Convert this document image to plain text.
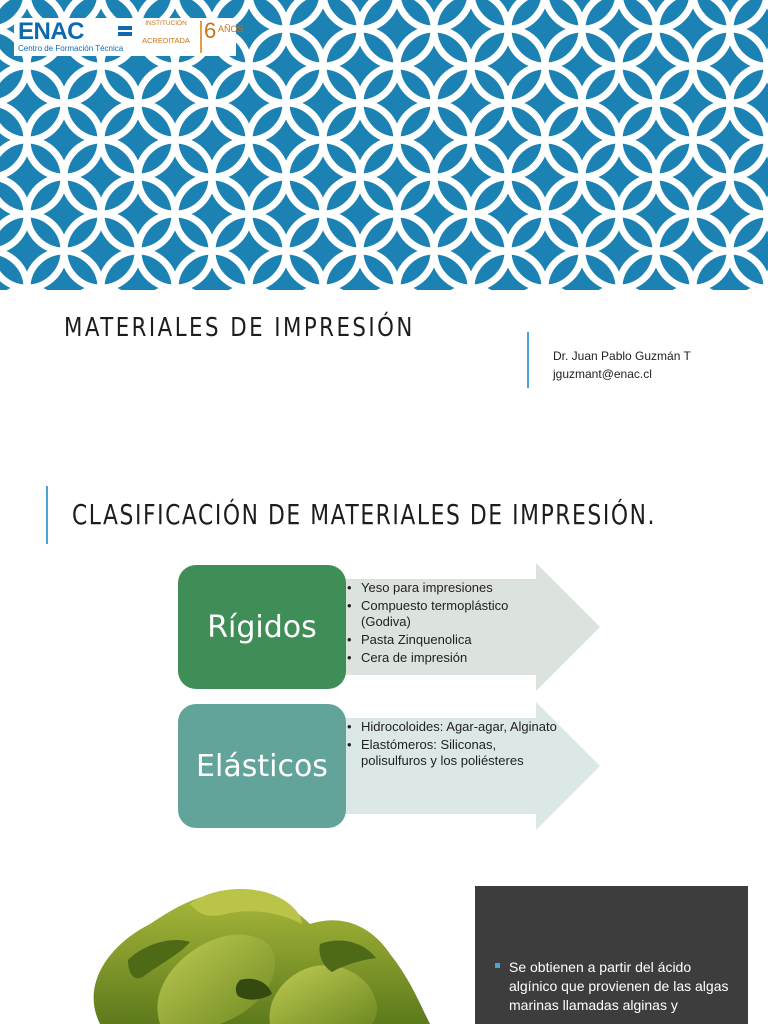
ENAC
Centro de Formación Técnica
INSTITUCIÓN
ACREDITADA 6 AÑOS
MATERIALES DE IMPRESIÓN
Dr. Juan Pablo Guzmán T
jguzmant@enac.cl
CLASIFICACIÓN DE MATERIALES DE IMPRESIÓN.
Rígidos
• Yeso para impresiones
• Compuesto termoplástico (Godiva)
• Pasta Zinquenolica
• Cera de impresión
Elásticos
• Hidrocoloides: Agar-agar, Alginato
• Elastómeros: Siliconas, polisulfuros y los poliésteres
Se obtienen a partir del ácido algínico que provienen de las algas marinas llamadas alginas y
